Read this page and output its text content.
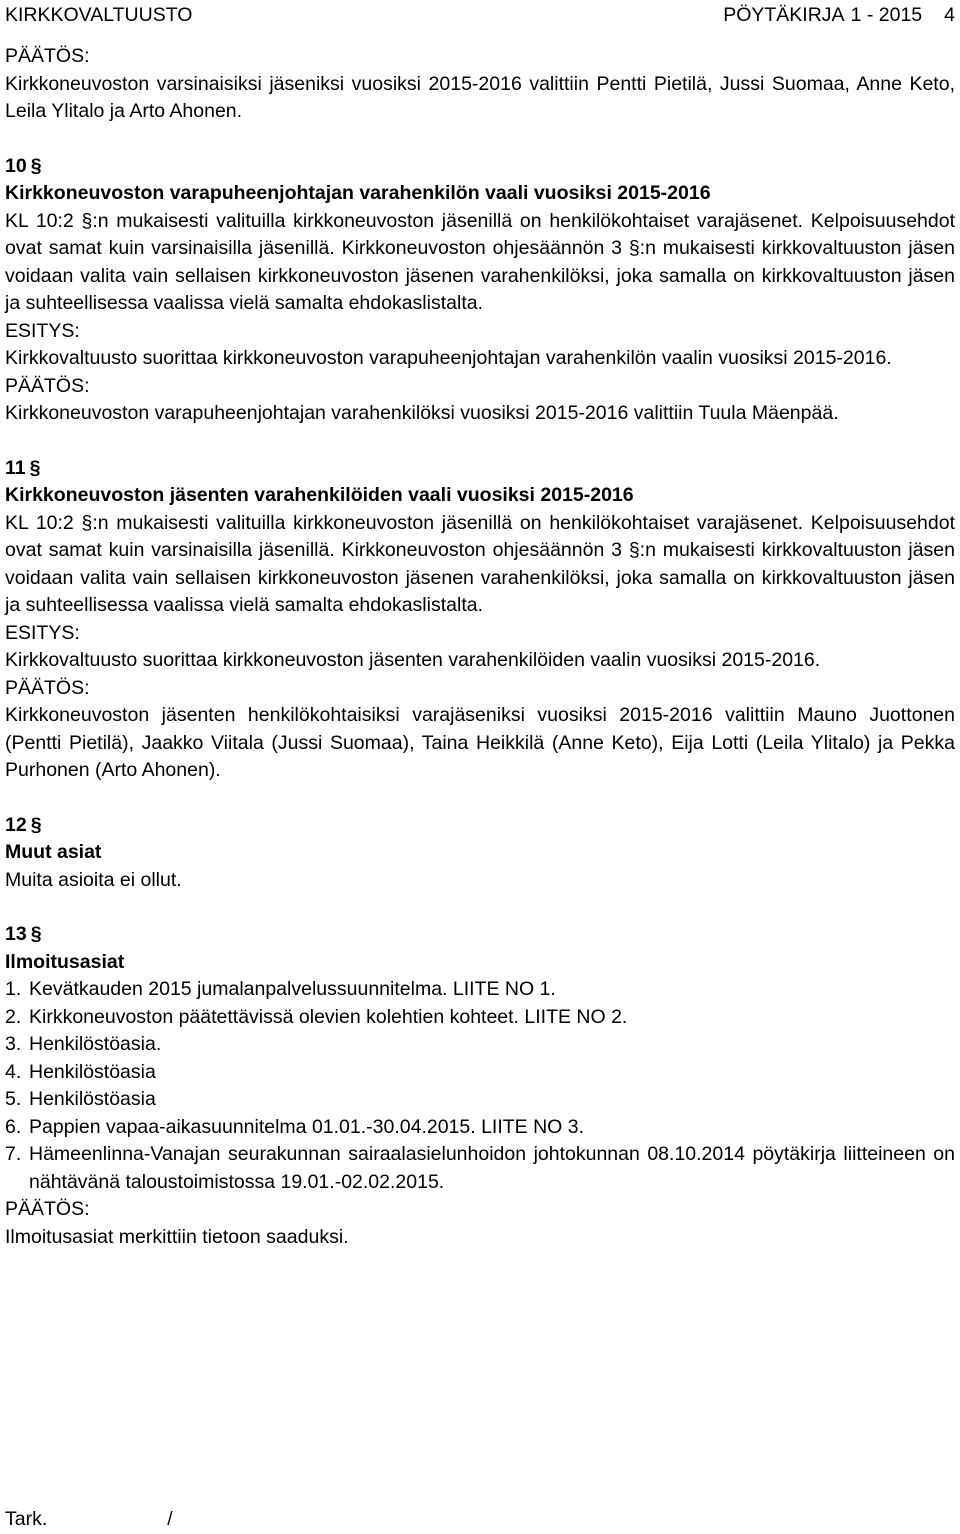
KIRKKOVALTUUSTO	PÖYTÄKIRJA 1 - 2015 4
PÄÄTÖS:
Kirkkoneuvoston varsinaisiksi jäseniksi vuosiksi 2015-2016 valittiin Pentti Pietilä, Jussi Suomaa, Anne Keto, Leila Ylitalo ja Arto Ahonen.
10 §
Kirkkoneuvoston varapuheenjohtajan varahenkilön vaali vuosiksi 2015-2016
KL 10:2 §:n mukaisesti valituilla kirkkoneuvoston jäsenillä on henkilökohtaiset varajäsenet. Kelpoisuusehdot ovat samat kuin varsinaisilla jäsenillä. Kirkkoneuvoston ohjesäännön 3 §:n mukaisesti kirkkovaltuuston jäsen voidaan valita vain sellaisen kirkkoneuvoston jäsenen varahenkilöksi, joka samalla on kirkkovaltuuston jäsen ja suhteellisessa vaalissa vielä samalta ehdokaslistalta.
ESITYS:
Kirkkovaltuusto suorittaa kirkkoneuvoston varapuheenjohtajan varahenkilön vaalin vuosiksi 2015-2016.
PÄÄTÖS:
Kirkkoneuvoston varapuheenjohtajan varahenkilöksi vuosiksi 2015-2016 valittiin Tuula Mäenpää.
11 §
Kirkkoneuvoston jäsenten varahenkilöiden vaali vuosiksi 2015-2016
KL 10:2 §:n mukaisesti valituilla kirkkoneuvoston jäsenillä on henkilökohtaiset varajäsenet. Kelpoisuusehdot ovat samat kuin varsinaisilla jäsenillä. Kirkkoneuvoston ohjesäännön 3 §:n mukaisesti kirkkovaltuuston jäsen voidaan valita vain sellaisen kirkkoneuvoston jäsenen varahenkilöksi, joka samalla on kirkkovaltuuston jäsen ja suhteellisessa vaalissa vielä samalta ehdokaslistalta.
ESITYS:
Kirkkovaltuusto suorittaa kirkkoneuvoston jäsenten varahenkilöiden vaalin vuosiksi 2015-2016.
PÄÄTÖS:
Kirkkoneuvoston jäsenten henkilökohtaisiksi varajäseniksi vuosiksi 2015-2016 valittiin Mauno Juottonen (Pentti Pietilä), Jaakko Viitala (Jussi Suomaa), Taina Heikkilä (Anne Keto), Eija Lotti (Leila Ylitalo) ja Pekka Purhonen (Arto Ahonen).
12 §
Muut asiat
Muita asioita ei ollut.
13 §
Ilmoitusasiat
1. Kevätkauden 2015 jumalanpalvelussuunnitelma. LIITE NO 1.
2. Kirkkoneuvoston päätettävissä olevien kolehtien kohteet. LIITE NO 2.
3. Henkilöstöasia.
4. Henkilöstöasia
5. Henkilöstöasia
6. Pappien vapaa-aikasuunnitelma 01.01.-30.04.2015. LIITE NO 3.
7. Hämeenlinna-Vanajan seurakunnan sairaalasielunhoidon johtokunnan 08.10.2014 pöytäkirja liitteineen on nähtävänä taloustoimistossa 19.01.-02.02.2015.
PÄÄTÖS:
Ilmoitusasiat merkittiin tietoon saaduksi.
Tark.	/
